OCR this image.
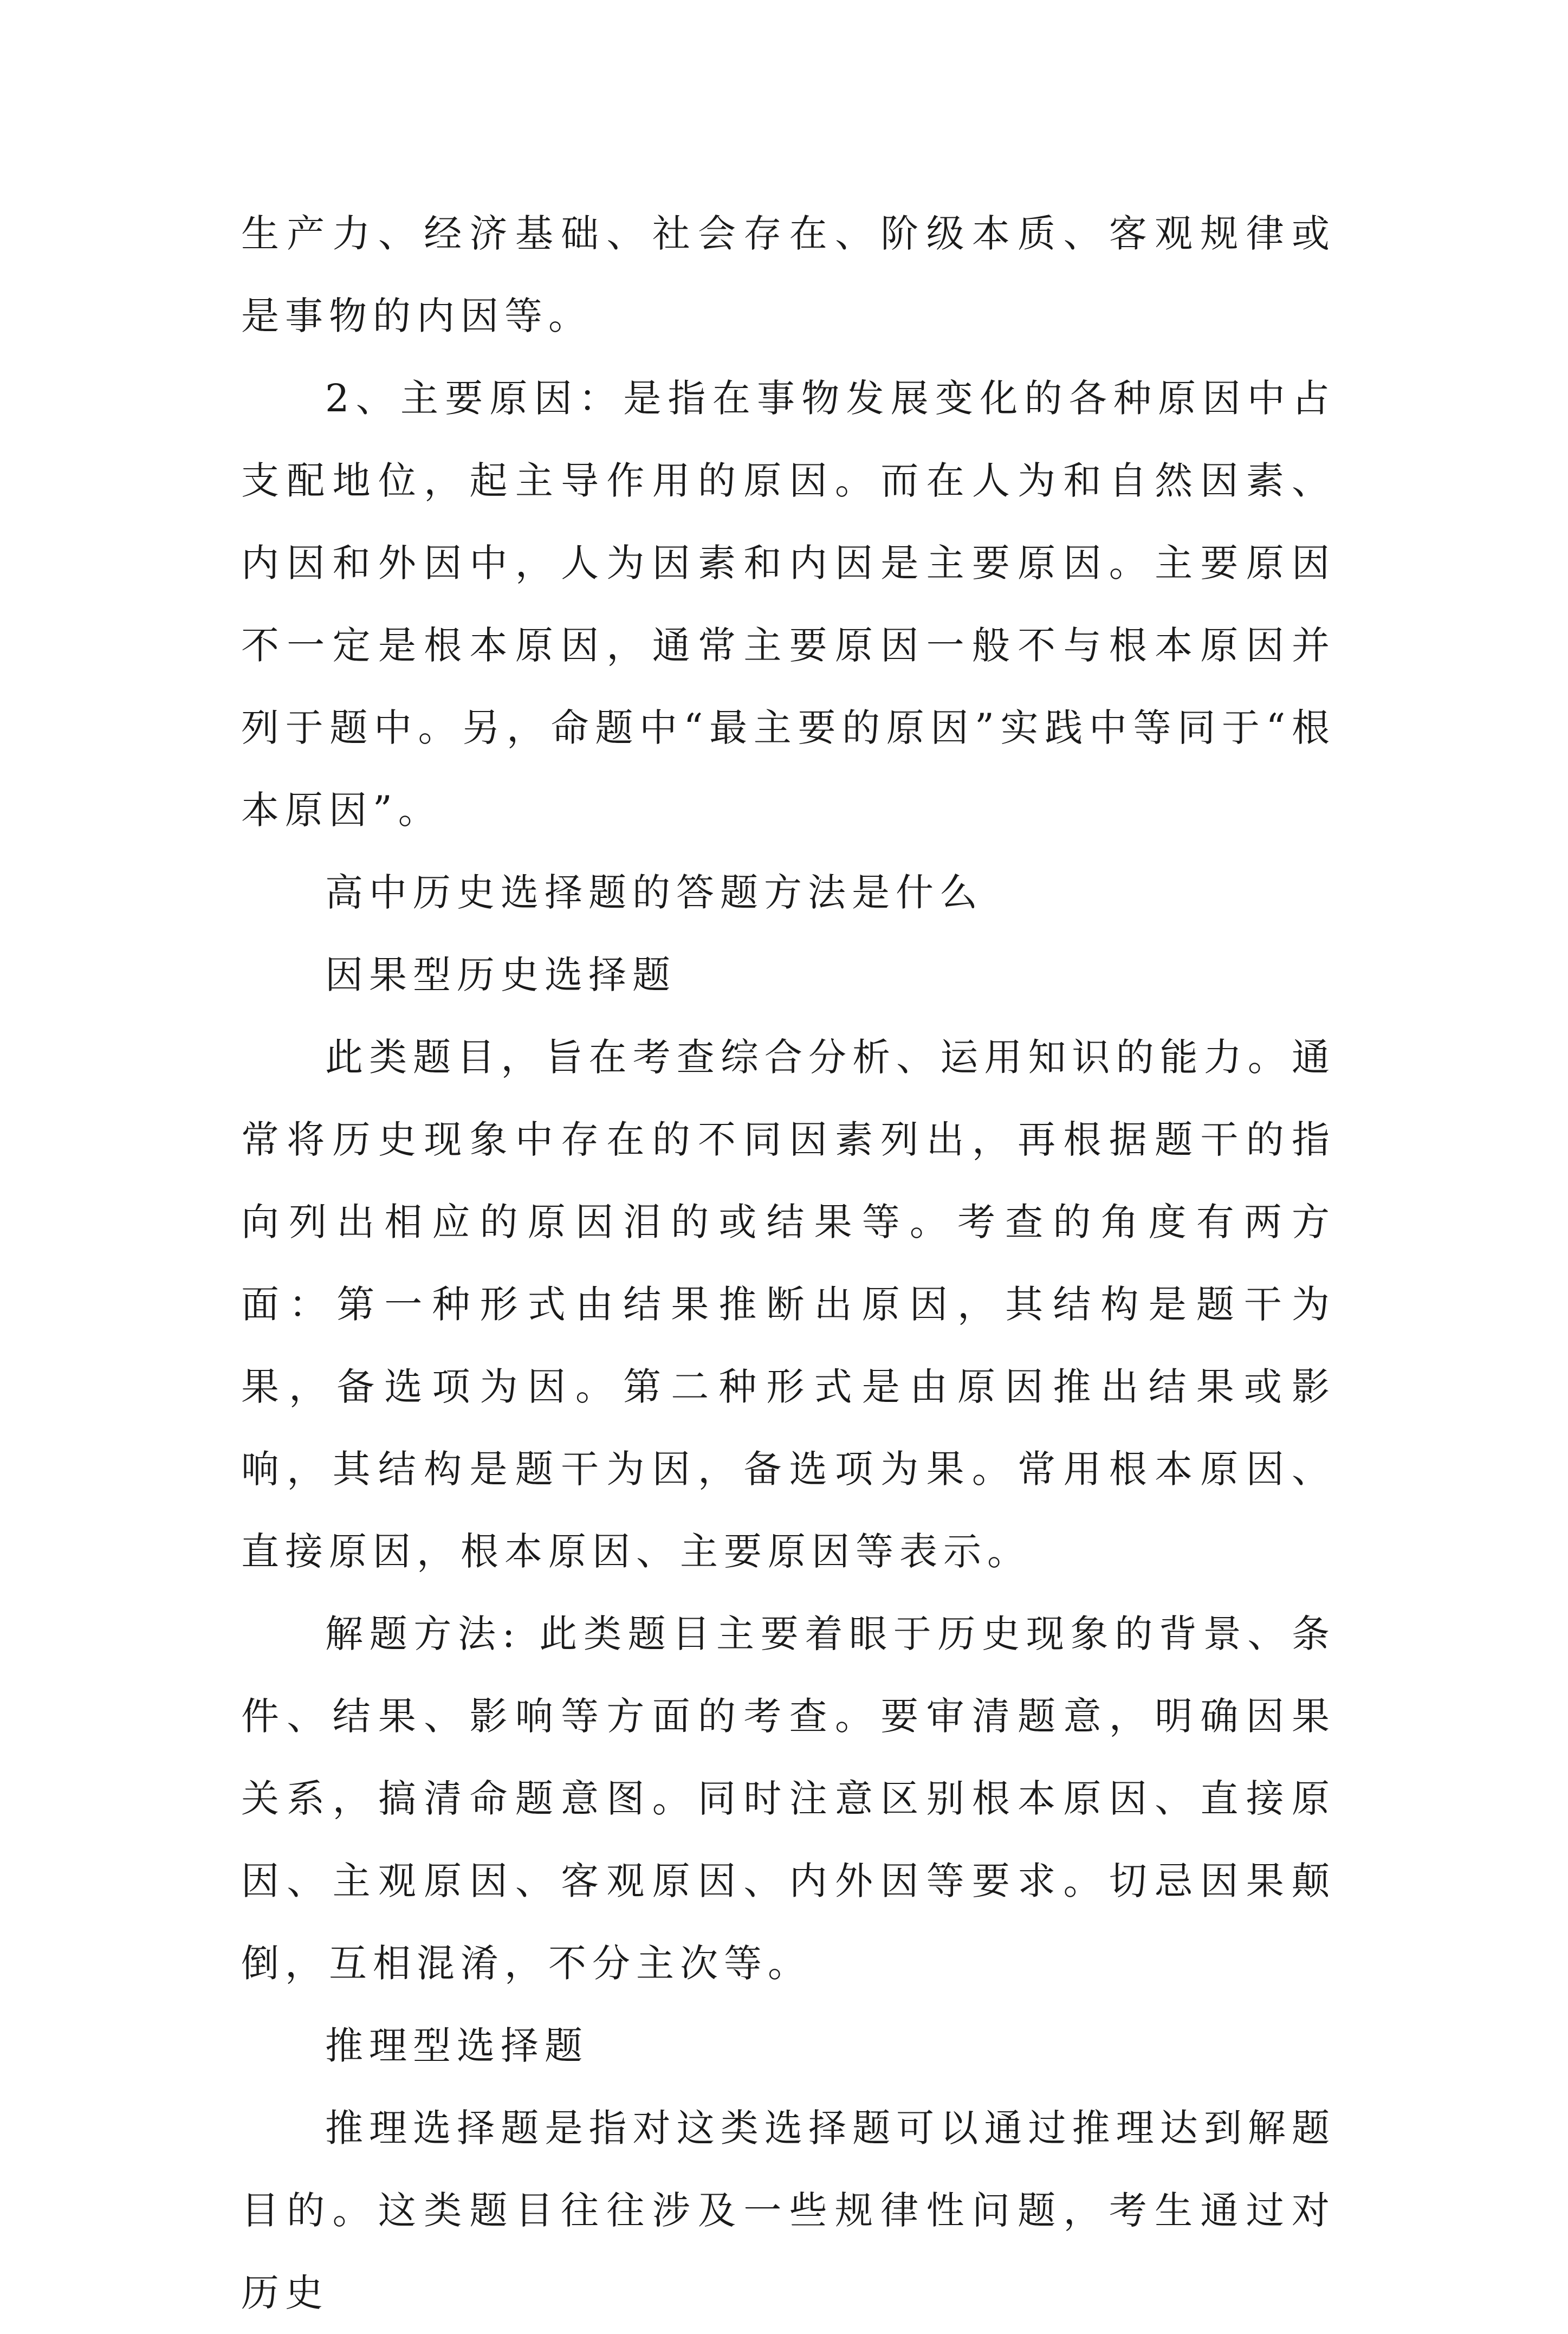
生产力、经济基础、社会存在、阶级本质、客观规律或是事物的内因等。

2、主要原因：是指在事物发展变化的各种原因中占支配地位，起主导作用的原因。而在人为和自然因素、内因和外因中，人为因素和内因是主要原因。主要原因不一定是根本原因，通常主要原因一般不与根本原因并列于题中。另，命题中“最主要的原因”实践中等同于“根本原因”。

高中历史选择题的答题方法是什么

因果型历史选择题

此类题目，旨在考查综合分析、运用知识的能力。通常将历史现象中存在的不同因素列出，再根据题干的指向列出相应的原因泪的或结果等。考查的角度有两方面：第一种形式由结果推断出原因，其结构是题干为果，备选项为因。第二种形式是由原因推出结果或影响，其结构是题干为因，备选项为果。常用根本原因、直接原因，根本原因、主要原因等表示。

解题方法: 此类题目主要着眼于历史现象的背景、条件、结果、影响等方面的考查。要审清题意，明确因果关系，搞清命题意图。同时注意区别根本原因、直接原因、主观原因、客观原因、内外因等要求。切忌因果颠倒，互相混淆，不分主次等。

推理型选择题

推理选择题是指对这类选择题可以通过推理达到解题目的。这类题目往往涉及一些规律性问题，考生通过对历史
